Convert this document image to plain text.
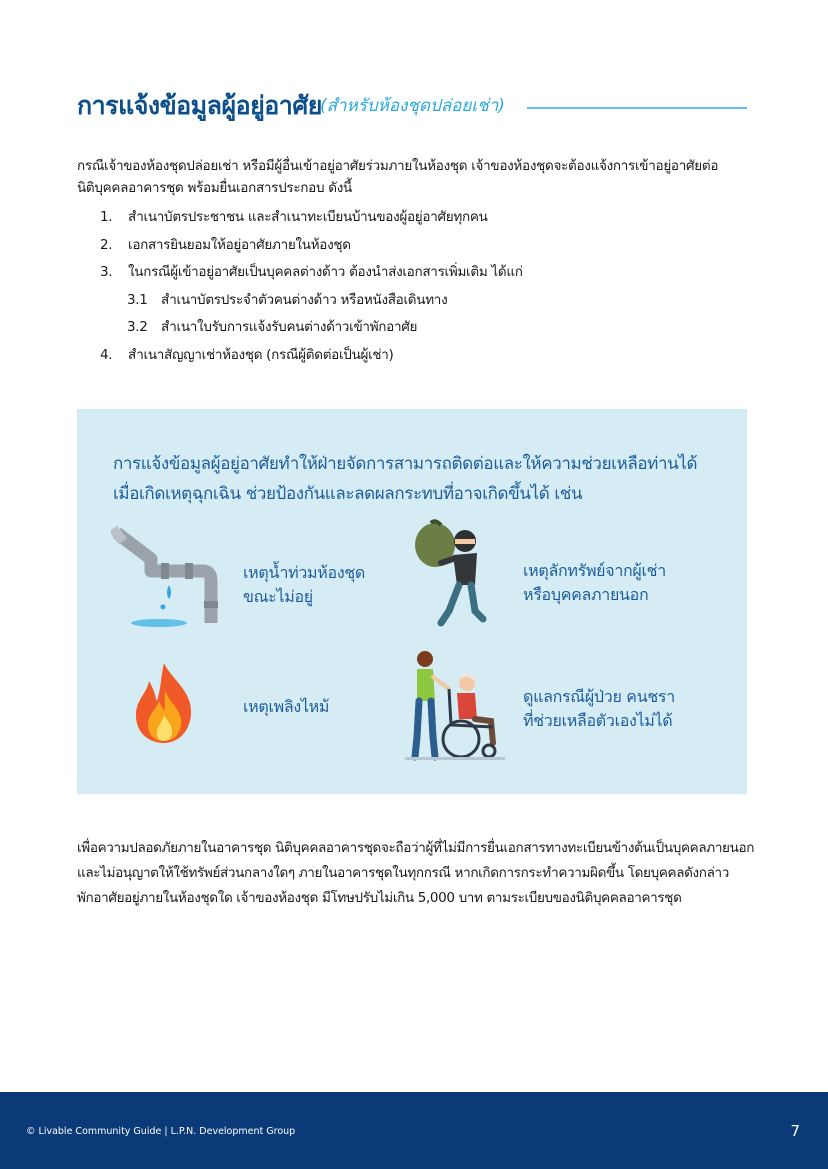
การแจ้งข้อมูลผู้อยู่อาศัย
(สำหรับห้องชุดปล่อยเช่า)

กรณีเจ้าของห้องชุดปล่อยเช่า หรือมีผู้อื่นเข้าอยู่อาศัยร่วมภายในห้องชุด เจ้าของห้องชุดจะต้องแจ้งการเข้าอยู่อาศัยต่อ

นิติบุคคลอาคารชุด พร้อมยื่นเอกสารประกอบ ดังนี้

1. สำเนาบัตรประชาชน และสำเนาทะเบียนบ้านของผู้อยู่อาศัยทุกคน
2. เอกสารยินยอมให้อยู่อาศัยภายในห้องชุด
3. ในกรณีผู้เข้าอยู่อาศัยเป็นบุคคลต่างด้าว ต้องนำส่งเอกสารเพิ่มเติม ได้แก่
3.1 สำเนาบัตรประจำตัวคนต่างด้าว หรือหนังสือเดินทาง
3.2 สำเนาใบรับการแจ้งรับคนต่างด้าวเข้าพักอาศัย
4. สำเนาสัญญาเช่าห้องชุด (กรณีผู้ติดต่อเป็นผู้เช่า)
การแจ้งข้อมูลผู้อยู่อาศัยทำให้ฝ่ายจัดการสามารถติดต่อและให้ความช่วยเหลือท่านได้
เมื่อเกิดเหตุฉุกเฉิน ช่วยป้องกันและลดผลกระทบที่อาจเกิดขึ้นได้ เช่น
เหตุน้ำท่วมห้องชุด
ขณะไม่อยู่
เหตุลักทรัพย์จากผู้เช่า
หรือบุคคลภายนอก
เหตุเพลิงไหม้
ดูแลกรณีผู้ป่วย คนชรา
ที่ช่วยเหลือตัวเองไม่ได้

เพื่อความปลอดภัยภายในอาคารชุด นิติบุคคลอาคารชุดจะถือว่าผู้ที่ไม่มีการยื่นเอกสารทางทะเบียนข้างต้นเป็นบุคคลภายนอก

และไม่อนุญาตให้ใช้ทรัพย์ส่วนกลางใดๆ ภายในอาคารชุดในทุกกรณี หากเกิดการกระทำความผิดขึ้น โดยบุคคลดังกล่าว

พักอาศัยอยู่ภายในห้องชุดใด เจ้าของห้องชุด มีโทษปรับไม่เกิน 5,000 บาท ตามระเบียบของนิติบุคคลอาคารชุด

© Livable Community Guide | L.P.N. Development Group	7
